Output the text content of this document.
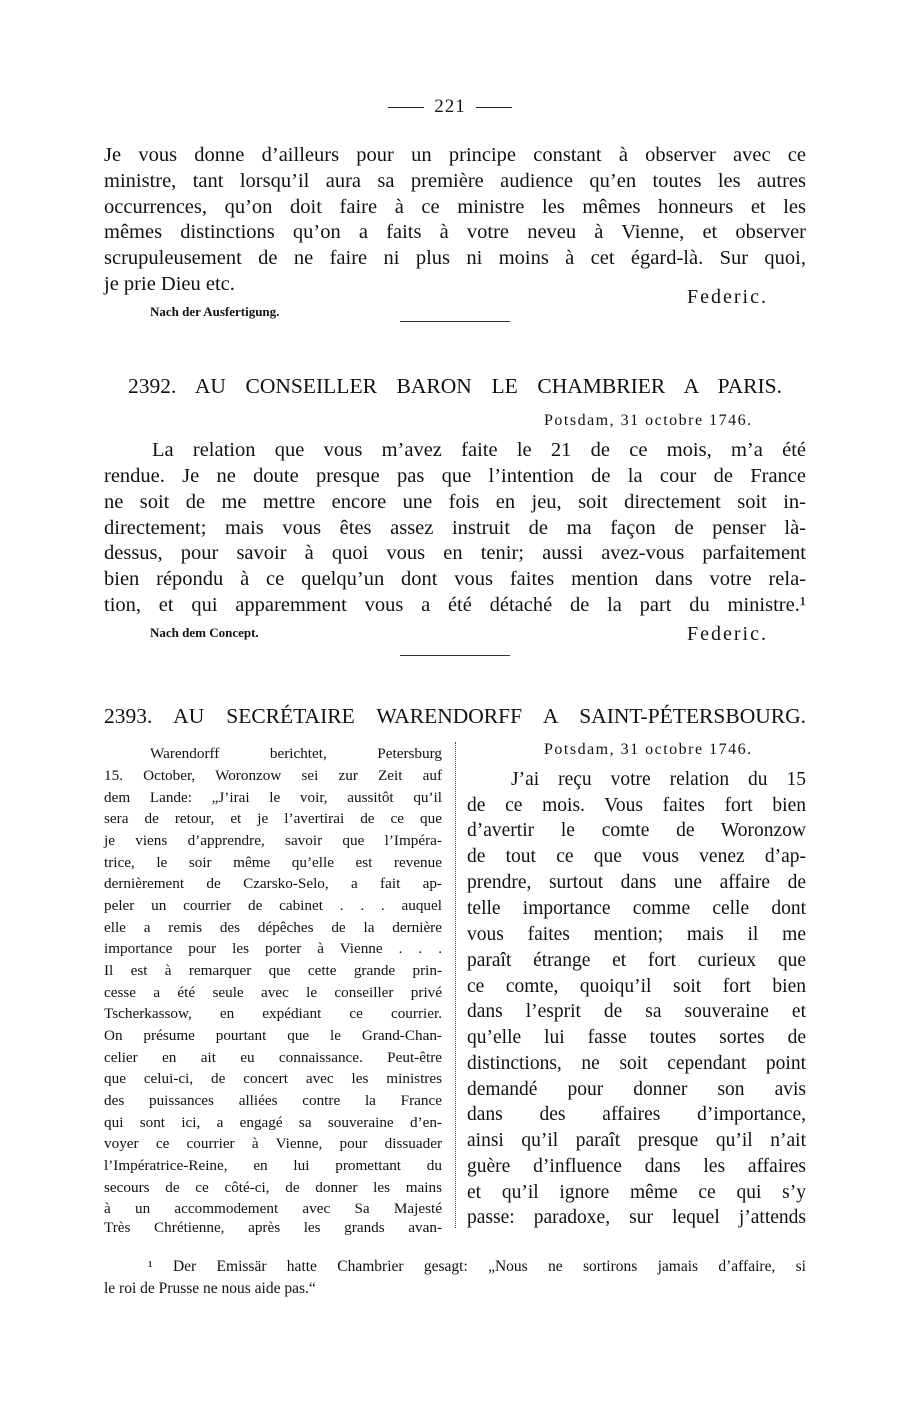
221
Je vous donne d’ailleurs pour un principe constant à observer avec ce
ministre, tant lorsqu’il aura sa première audience qu’en toutes les autres
occurrences, qu’on doit faire à ce ministre les mêmes honneurs et les
mêmes distinctions qu’on a faits à votre neveu à Vienne, et observer
scrupuleusement de ne faire ni plus ni moins à cet égard-là. Sur quoi,
je prie Dieu etc.
Federic.
Nach der Ausfertigung.
2392. AU CONSEILLER BARON LE CHAMBRIER A PARIS.
Potsdam, 31 octobre 1746.
La relation que vous m’avez faite le 21 de ce mois, m’a été
rendue. Je ne doute presque pas que l’intention de la cour de France
ne soit de me mettre encore une fois en jeu, soit directement soit in-
directement; mais vous êtes assez instruit de ma façon de penser là-
dessus, pour savoir à quoi vous en tenir; aussi avez-vous parfaitement
bien répondu à ce quelqu’un dont vous faites mention dans votre rela-
tion, et qui apparemment vous a été détaché de la part du ministre.¹
Nach dem Concept.	Federic.
2393. AU SECRÉTAIRE WARENDORFF A SAINT-PÉTERSBOURG.
Warendorff berichtet, Petersburg
15. October, Woronzow sei zur Zeit auf
dem Lande: „J’irai le voir, aussitôt qu’il
sera de retour, et je l’avertirai de ce que
je viens d’apprendre, savoir que l’Impéra-
trice, le soir même qu’elle est revenue
dernièrement de Czarsko-Selo, a fait ap-
peler un courrier de cabinet . . . auquel
elle a remis des dépêches de la dernière
importance pour les porter à Vienne . . .
Il est à remarquer que cette grande prin-
cesse a été seule avec le conseiller privé
Tscherkassow, en expédiant ce courrier.
On présume pourtant que le Grand-Chan-
celier en ait eu connaissance. Peut-être
que celui-ci, de concert avec les ministres
des puissances alliées contre la France
qui sont ici, a engagé sa souveraine d’en-
voyer ce courrier à Vienne, pour dissuader
l’Impératrice-Reine, en lui promettant du
secours de ce côté-ci, de donner les mains
à un accommodement avec Sa Majesté
Très Chrétienne, après les grands avan-
Potsdam, 31 octobre 1746.
J’ai reçu votre relation du 15
de ce mois. Vous faites fort bien
d’avertir le comte de Woronzow
de tout ce que vous venez d’ap-
prendre, surtout dans une affaire de
telle importance comme celle dont
vous faites mention; mais il me
paraît étrange et fort curieux que
ce comte, quoiqu’il soit fort bien
dans l’esprit de sa souveraine et
qu’elle lui fasse toutes sortes de
distinctions, ne soit cependant point
demandé pour donner son avis
dans des affaires d’importance,
ainsi qu’il paraît presque qu’il n’ait
guère d’influence dans les affaires
et qu’il ignore même ce qui s’y
passe: paradoxe, sur lequel j’attends
¹ Der Emissär hatte Chambrier gesagt: „Nous ne sortirons jamais d’affaire, si
le roi de Prusse ne nous aide pas.“
